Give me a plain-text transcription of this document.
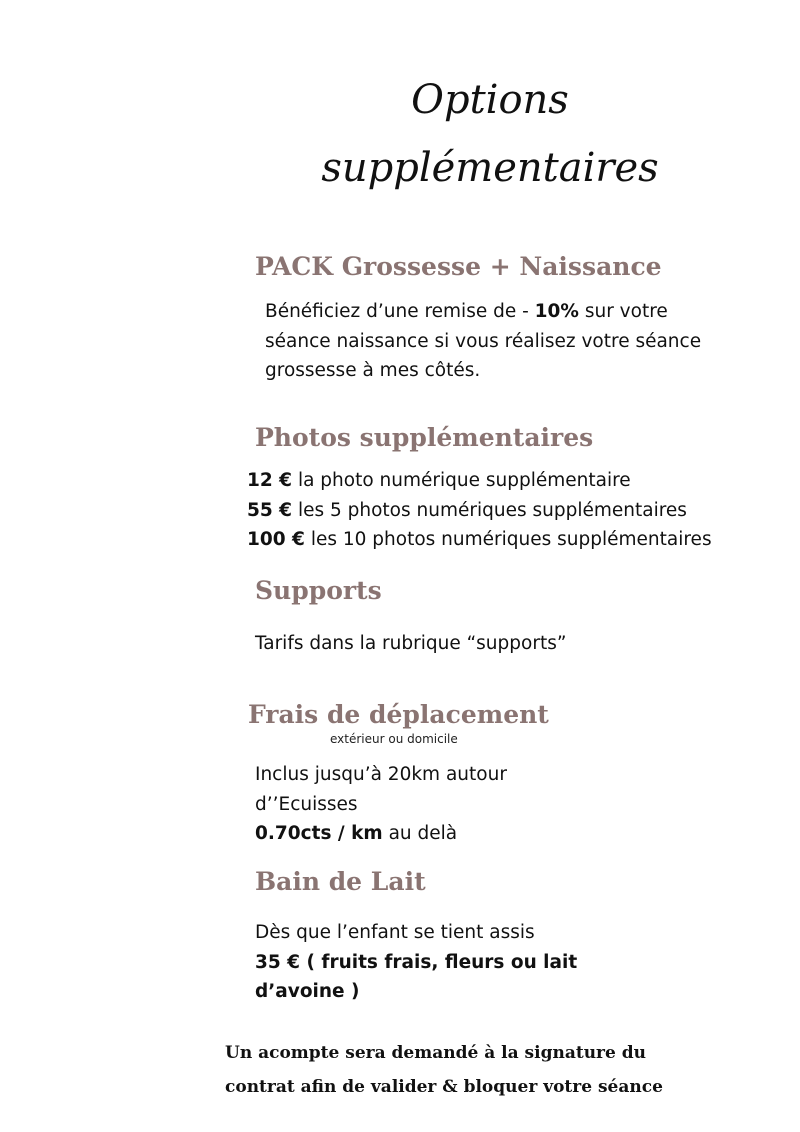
Options
supplémentaires
PACK Grossesse + Naissance
Bénéficiez d’une remise de - 10% sur votre
séance naissance si vous réalisez votre séance
grossesse à mes côtés.
Photos supplémentaires
12 € la photo numérique supplémentaire
55 € les 5 photos numériques supplémentaires
100 € les 10 photos numériques supplémentaires
Supports
Tarifs dans la rubrique “supports”
Frais de déplacement
extérieur ou domicile
Inclus jusqu’à 20km autour
d’’Ecuisses
0.70cts / km au delà
Bain de Lait
Dès que l’enfant se tient assis
35 € ( fruits frais, fleurs ou lait
d’avoine )
Un acompte sera demandé à la signature du
contrat afin de valider & bloquer votre séance
